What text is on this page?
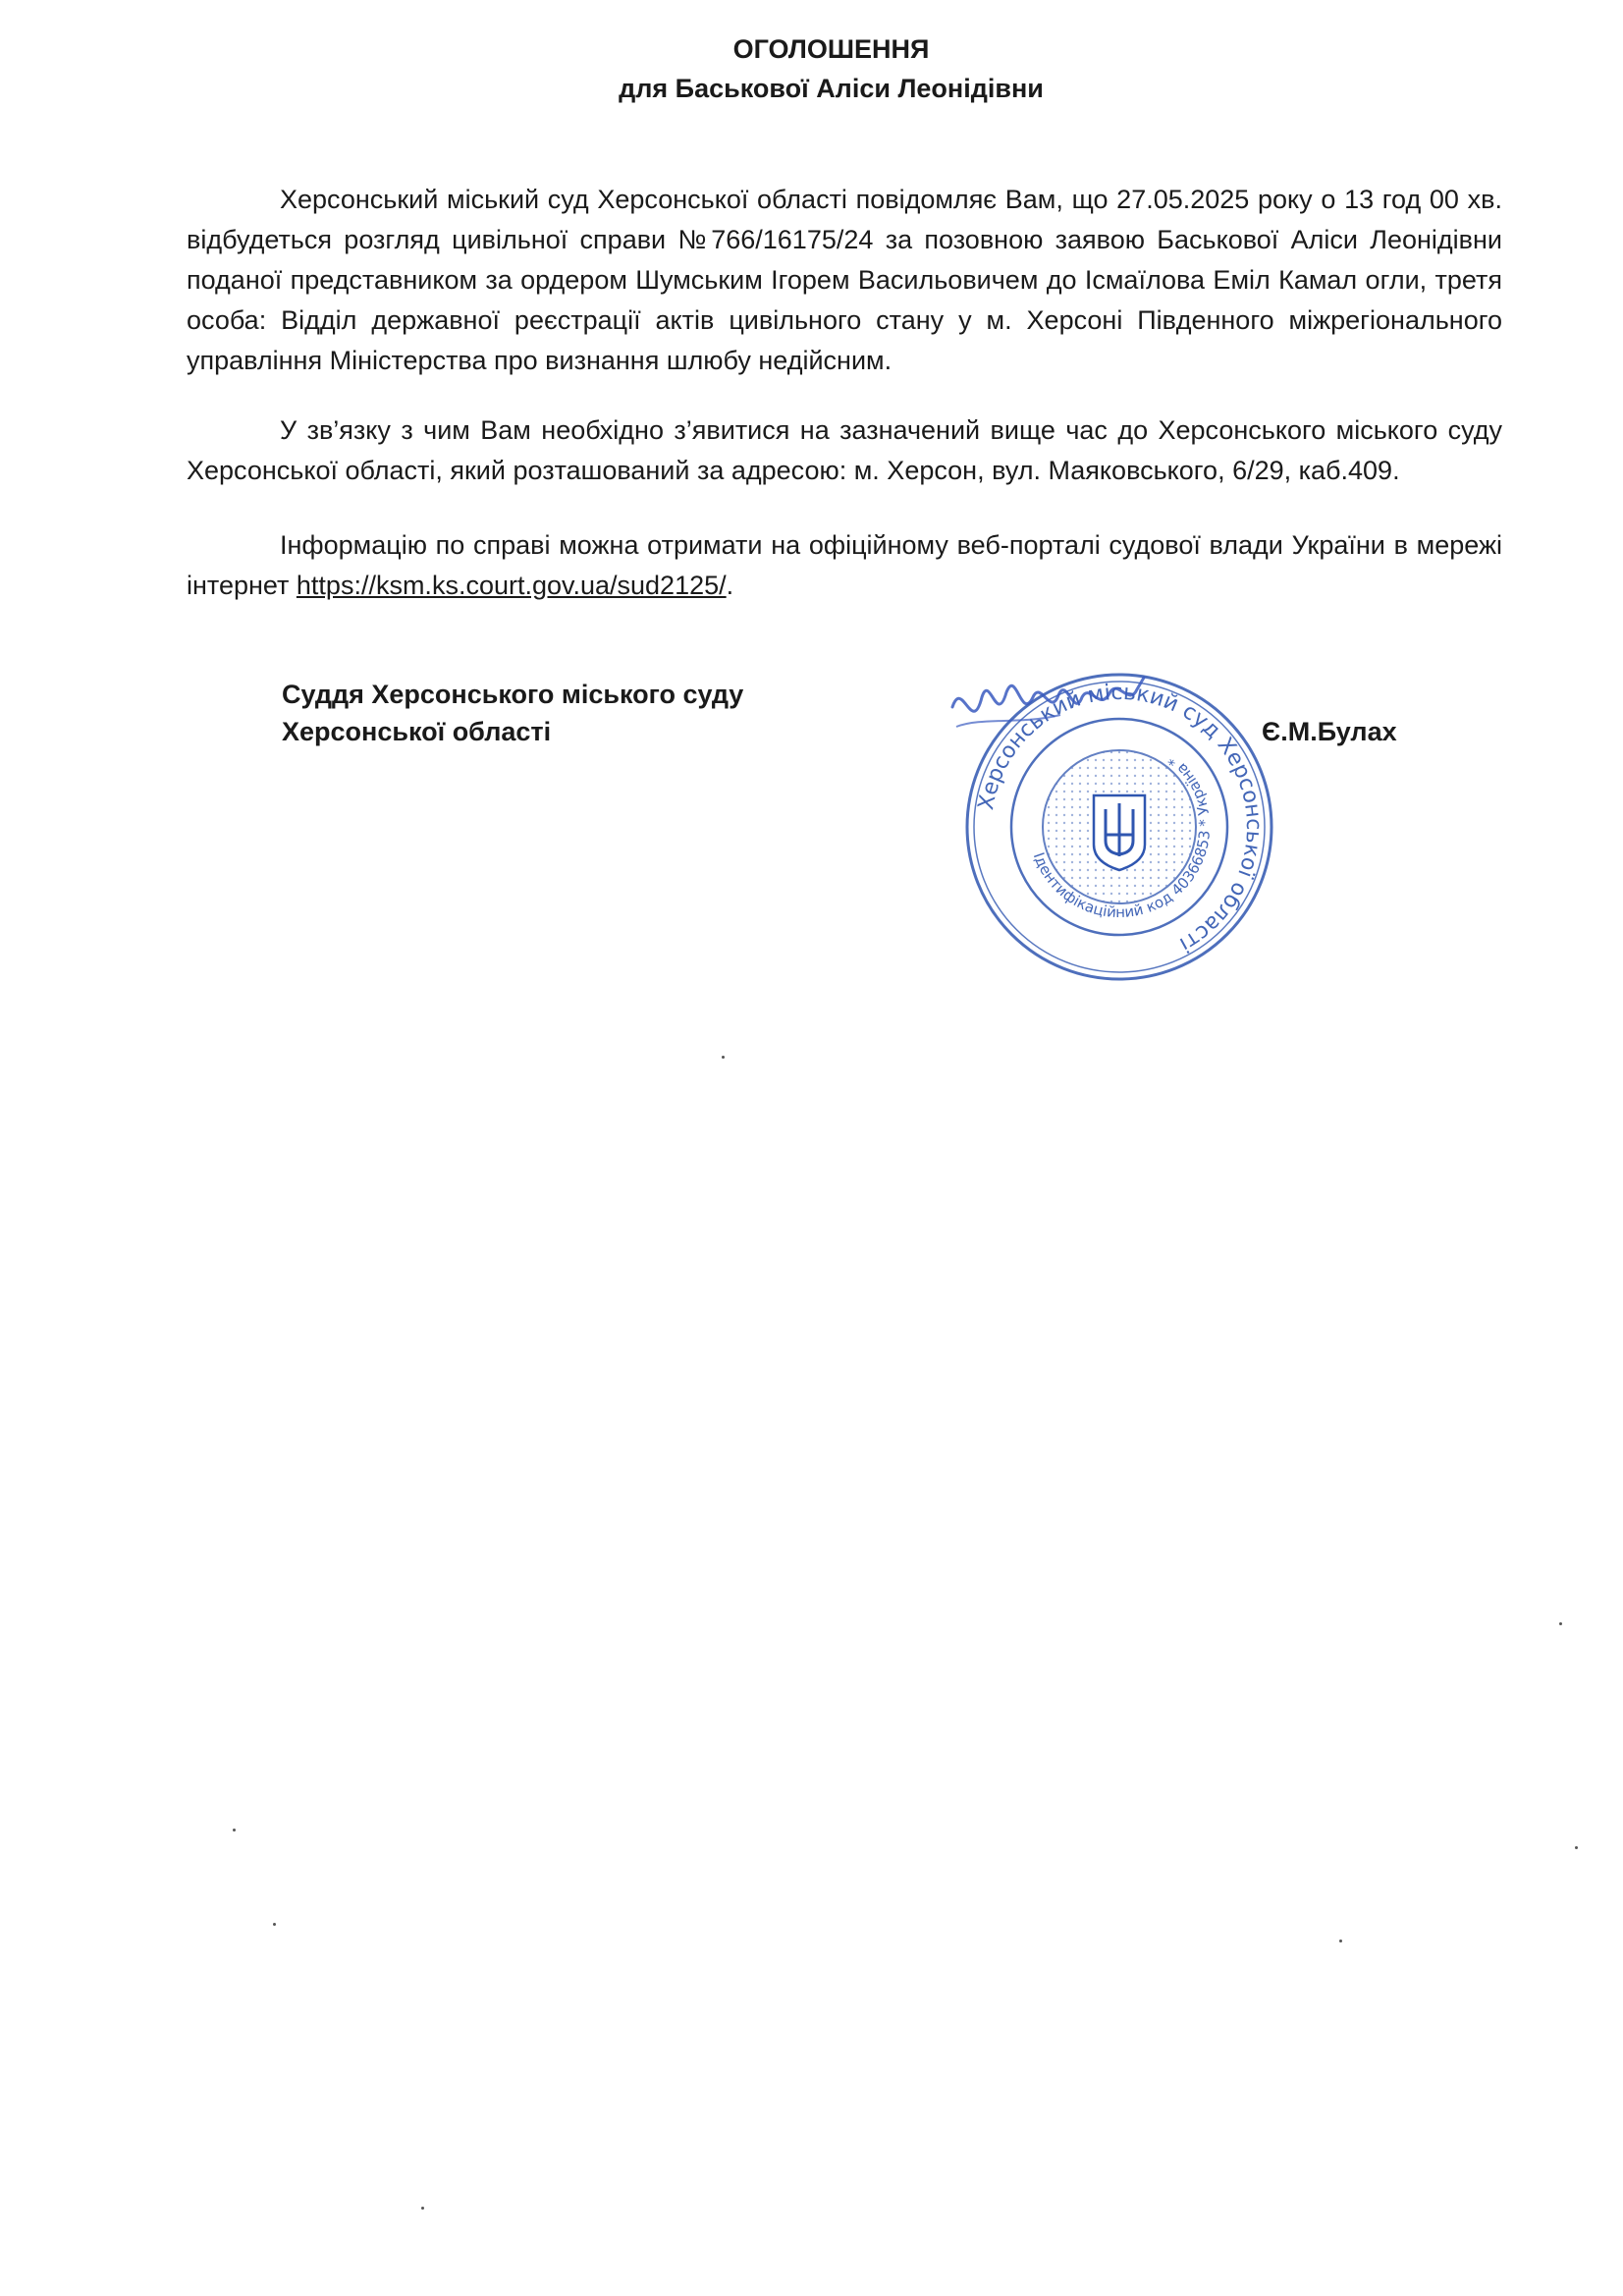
ОГОЛОШЕННЯ
для Баськової Аліси Леонідівни

Херсонський міський суд Херсонської області повідомляє Вам, що 27.05.2025 року о 13 год 00 хв. відбудеться розгляд цивільної справи №766/16175/24 за позовною заявою Баськової Аліси Леонідівни поданої представником за ордером Шумським Ігорем Васильовичем до Ісмаїлова Еміл Камал огли, третя особа: Відділ державної реєстрації актів цивільного стану у м. Херсоні Південного міжрегіонального управління Міністерства про визнання шлюбу недійсним.

У зв’язку з чим Вам необхідно з’явитися на зазначений вище час до Херсонського міського суду Херсонської області, який розташований за адресою: м. Херсон, вул. Маяковського, 6/29, каб.409.

Інформацію по справі можна отримати на офіційному веб-порталі судової влади України в мережі інтернет https://ksm.ks.court.gov.ua/sud2125/.

Суддя Херсонського міського суду
Херсонської області	Є.М.Булах
Херсонський міський суд Херсонської області
Ідентифікаційний код 40366853 * Україна *
